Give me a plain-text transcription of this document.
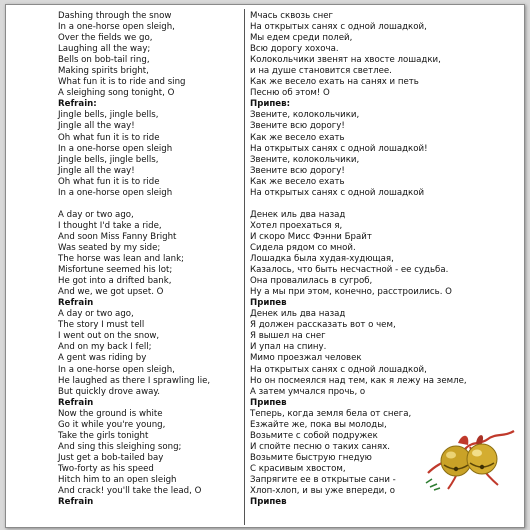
Dashing through the snow
In a one-horse open sleigh,
Over the fields we go,
Laughing all the way;
Bells on bob-tail ring,
Making spirits bright,
What fun it is to ride and sing
A sleighing song tonight, O
Refrain:
Jingle bells, jingle bells,
Jingle all the way!
Oh what fun it is to ride
In a one-horse open sleigh
Jingle bells, jingle bells,
Jingle all the way!
Oh what fun it is to ride
In a one-horse open sleigh
A day or two ago,
I thought I'd take a ride,
And soon Miss Fanny Bright
Was seated by my side;
The horse was lean and lank;
Misfortune seemed his lot;
He got into a drifted bank,
And we, we got upset. O
Refrain
A day or two ago,
The story I must tell
I went out on the snow,
And on my back I fell;
A gent was riding by
In a one-horse open sleigh,
He laughed as there I sprawling lie,
But quickly drove away.
Refrain
Now the ground is white
Go it while you're young,
Take the girls tonight
And sing this sleighing song;
Just get a bob-tailed bay
Two-forty as his speed
Hitch him to an open sleigh
And crack! you'll take the lead, O
Refrain
Мчась сквозь снег
На открытых санях с одной лошадкой,
Мы едем среди полей,
Всю дорогу хохоча.
Колокольчики звенят на хвосте лошадки,
и на душе становится светлее.
Как же весело ехать на санях и петь
Песню об этом! О
Припев:
Звените, колокольчики,
Звените всю дорогу!
Как же весело ехать
На открытых санях с одной лошадкой!
Звените, колокольчики,
Звените всю дорогу!
Как же весело ехать
На открытых санях с одной лошадкой
Денек иль два назад
Хотел проехаться я,
И скоро Мисс Фэнни Брайт
Сидела рядом со мной.
Лошадка была худая-худющая,
Казалось, что быть несчастной - ее судьба.
Она провалилась в сугроб,
Ну а мы при этом, конечно, расстроились. О
Припев
Денек иль два назад
Я должен рассказать вот о чем,
Я вышел на снег
И упал на спину.
Мимо проезжал человек
На открытых санях с одной лошадкой,
Но он посмеялся над тем, как я лежу на земле,
А затем умчался прочь, о
Припев
Теперь, когда земля бела от снега,
Езжайте же, пока вы молоды,
Возьмите с собой подружек
И спойте песню о таких санях.
Возьмите быструю гнедую
С красивым хвостом,
Запрягите ее в открытые сани -
Хлоп-хлоп, и вы уже впереди, о
Припев
